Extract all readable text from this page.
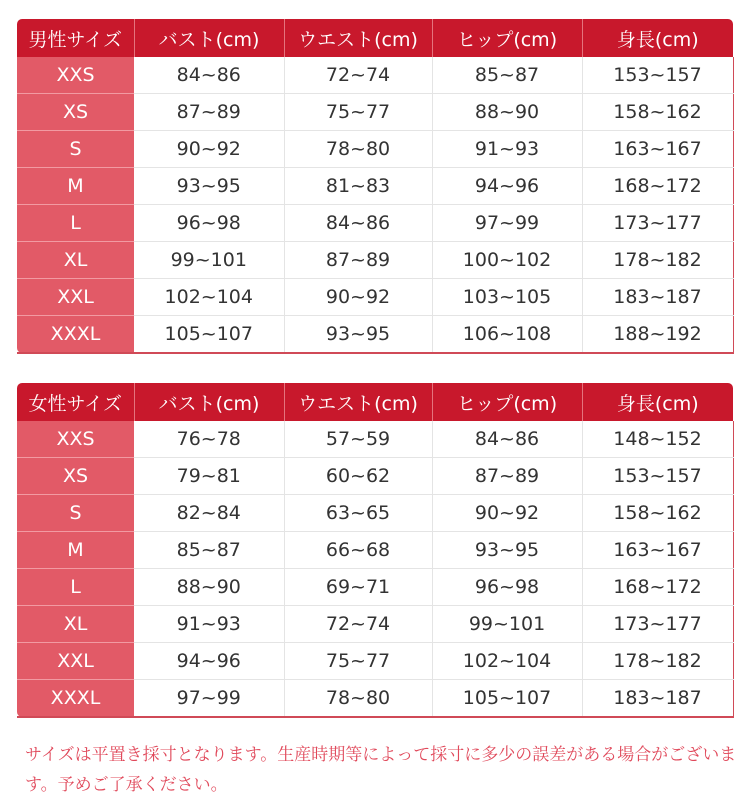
男性サイズ	バスト(cm)	ウエスト(cm)	ヒップ(cm)	身長(cm)
XXS	84~86	72~74	85~87	153~157
XS	87~89	75~77	88~90	158~162
S	90~92	78~80	91~93	163~167
M	93~95	81~83	94~96	168~172
L	96~98	84~86	97~99	173~177
XL	99~101	87~89	100~102	178~182
XXL	102~104	90~92	103~105	183~187
XXXL	105~107	93~95	106~108	188~192
女性サイズ	バスト(cm)	ウエスト(cm)	ヒップ(cm)	身長(cm)
XXS	76~78	57~59	84~86	148~152
XS	79~81	60~62	87~89	153~157
S	82~84	63~65	90~92	158~162
M	85~87	66~68	93~95	163~167
L	88~90	69~71	96~98	168~172
XL	91~93	72~74	99~101	173~177
XXL	94~96	75~77	102~104	178~182
XXXL	97~99	78~80	105~107	183~187

サイズは平置き採寸となります。生産時期等によって採寸に多少の誤差がある場合がございます。予めご了承ください。
